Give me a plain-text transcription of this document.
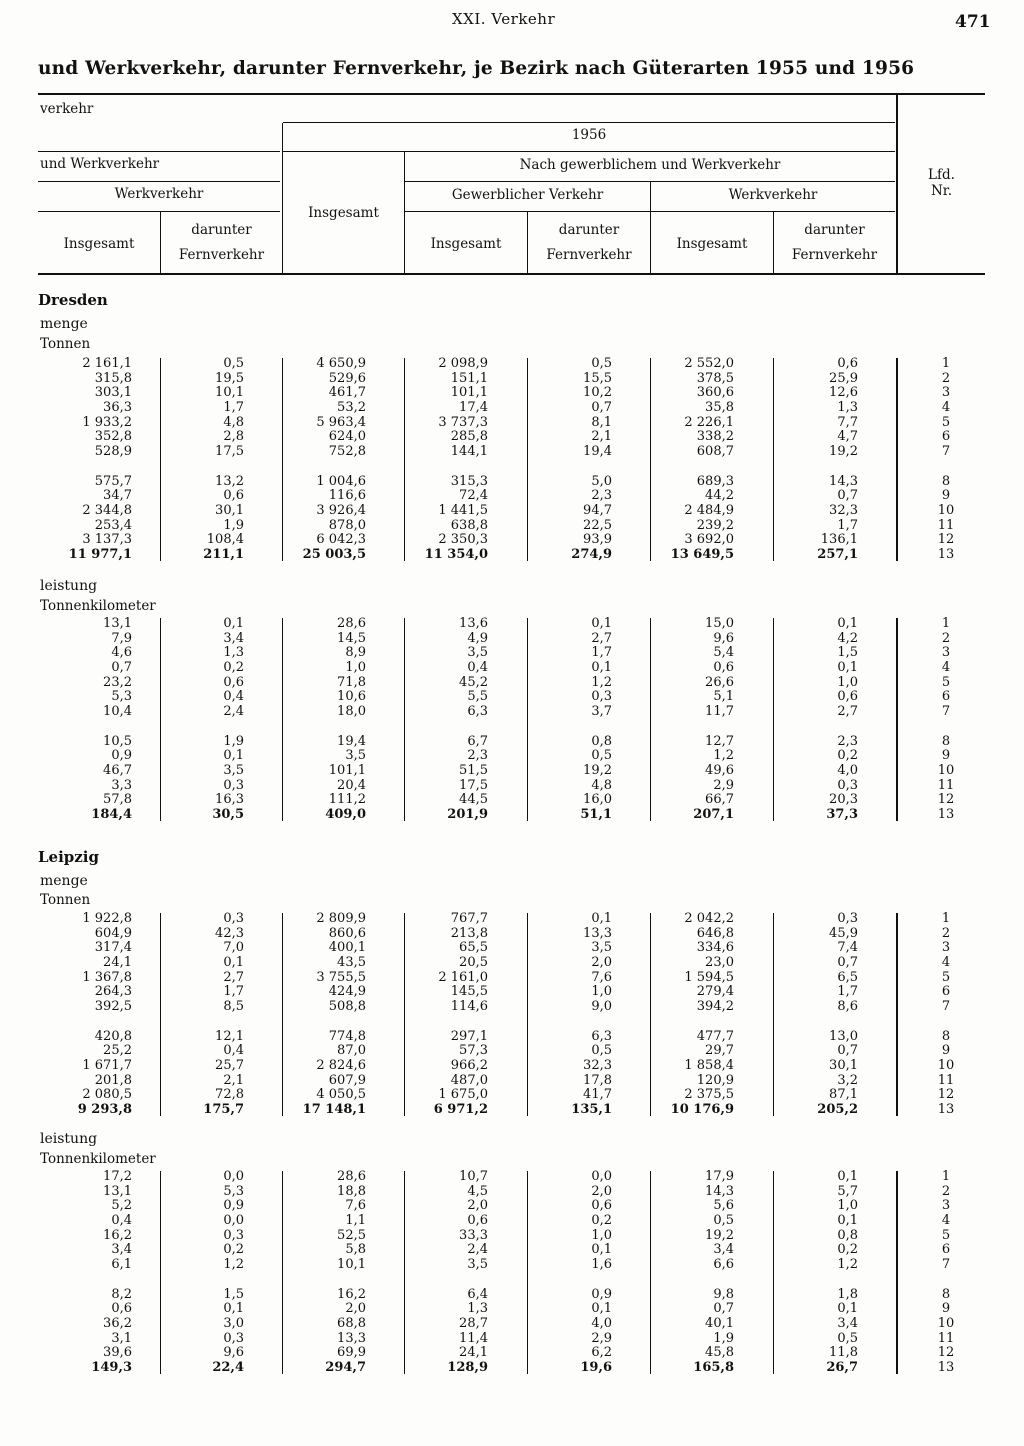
XXI. Verkehr	471
und Werkverkehr, darunter Fernverkehr, je Bezirk nach Güterarten 1955 und 1956
verkehr
1956
und Werkverkehr
Werkverkehr
Insgesamt
darunter
Fernverkehr
Insgesamt
Nach gewerblichem und Werkverkehr
Gewerblicher Verkehr	Werkverkehr
Insgesamt
darunter
Fernverkehr
Insgesamt
darunter
Fernverkehr
Lfd.
Nr.
Dresden
menge
Tonnen
leistung
Tonnenkilometer
Leipzig
menge
Tonnen
leistung
Tonnenkilometer
2 161,1
315,8
303,1
36,3
1 933,2
352,8
528,9
575,7
34,7
2 344,8
253,4
3 137,3
11 977,1
0,5
19,5
10,1
1,7
4,8
2,8
17,5
13,2
0,6
30,1
1,9
108,4
211,1
4 650,9
529,6
461,7
53,2
5 963,4
624,0
752,8
1 004,6
116,6
3 926,4
878,0
6 042,3
25 003,5
2 098,9
151,1
101,1
17,4
3 737,3
285,8
144,1
315,3
72,4
1 441,5
638,8
2 350,3
11 354,0
0,5
15,5
10,2
0,7
8,1
2,1
19,4
5,0
2,3
94,7
22,5
93,9
274,9
2 552,0
378,5
360,6
35,8
2 226,1
338,2
608,7
689,3
44,2
2 484,9
239,2
3 692,0
13 649,5
0,6
25,9
12,6
1,3
7,7
4,7
19,2
14,3
0,7
32,3
1,7
136,1
257,1
1
2
3
4
5
6
7
8
9
10
11
12
13
13,1
7,9
4,6
0,7
23,2
5,3
10,4
10,5
0,9
46,7
3,3
57,8
184,4
0,1
3,4
1,3
0,2
0,6
0,4
2,4
1,9
0,1
3,5
0,3
16,3
30,5
28,6
14,5
8,9
1,0
71,8
10,6
18,0
19,4
3,5
101,1
20,4
111,2
409,0
13,6
4,9
3,5
0,4
45,2
5,5
6,3
6,7
2,3
51,5
17,5
44,5
201,9
0,1
2,7
1,7
0,1
1,2
0,3
3,7
0,8
0,5
19,2
4,8
16,0
51,1
15,0
9,6
5,4
0,6
26,6
5,1
11,7
12,7
1,2
49,6
2,9
66,7
207,1
0,1
4,2
1,5
0,1
1,0
0,6
2,7
2,3
0,2
4,0
0,3
20,3
37,3
1
2
3
4
5
6
7
8
9
10
11
12
13
1 922,8
604,9
317,4
24,1
1 367,8
264,3
392,5
420,8
25,2
1 671,7
201,8
2 080,5
9 293,8
0,3
42,3
7,0
0,1
2,7
1,7
8,5
12,1
0,4
25,7
2,1
72,8
175,7
2 809,9
860,6
400,1
43,5
3 755,5
424,9
508,8
774,8
87,0
2 824,6
607,9
4 050,5
17 148,1
767,7
213,8
65,5
20,5
2 161,0
145,5
114,6
297,1
57,3
966,2
487,0
1 675,0
6 971,2
0,1
13,3
3,5
2,0
7,6
1,0
9,0
6,3
0,5
32,3
17,8
41,7
135,1
2 042,2
646,8
334,6
23,0
1 594,5
279,4
394,2
477,7
29,7
1 858,4
120,9
2 375,5
10 176,9
0,3
45,9
7,4
0,7
6,5
1,7
8,6
13,0
0,7
30,1
3,2
87,1
205,2
1
2
3
4
5
6
7
8
9
10
11
12
13
17,2
13,1
5,2
0,4
16,2
3,4
6,1
8,2
0,6
36,2
3,1
39,6
149,3
0,0
5,3
0,9
0,0
0,3
0,2
1,2
1,5
0,1
3,0
0,3
9,6
22,4
28,6
18,8
7,6
1,1
52,5
5,8
10,1
16,2
2,0
68,8
13,3
69,9
294,7
10,7
4,5
2,0
0,6
33,3
2,4
3,5
6,4
1,3
28,7
11,4
24,1
128,9
0,0
2,0
0,6
0,2
1,0
0,1
1,6
0,9
0,1
4,0
2,9
6,2
19,6
17,9
14,3
5,6
0,5
19,2
3,4
6,6
9,8
0,7
40,1
1,9
45,8
165,8
0,1
5,7
1,0
0,1
0,8
0,2
1,2
1,8
0,1
3,4
0,5
11,8
26,7
1
2
3
4
5
6
7
8
9
10
11
12
13
